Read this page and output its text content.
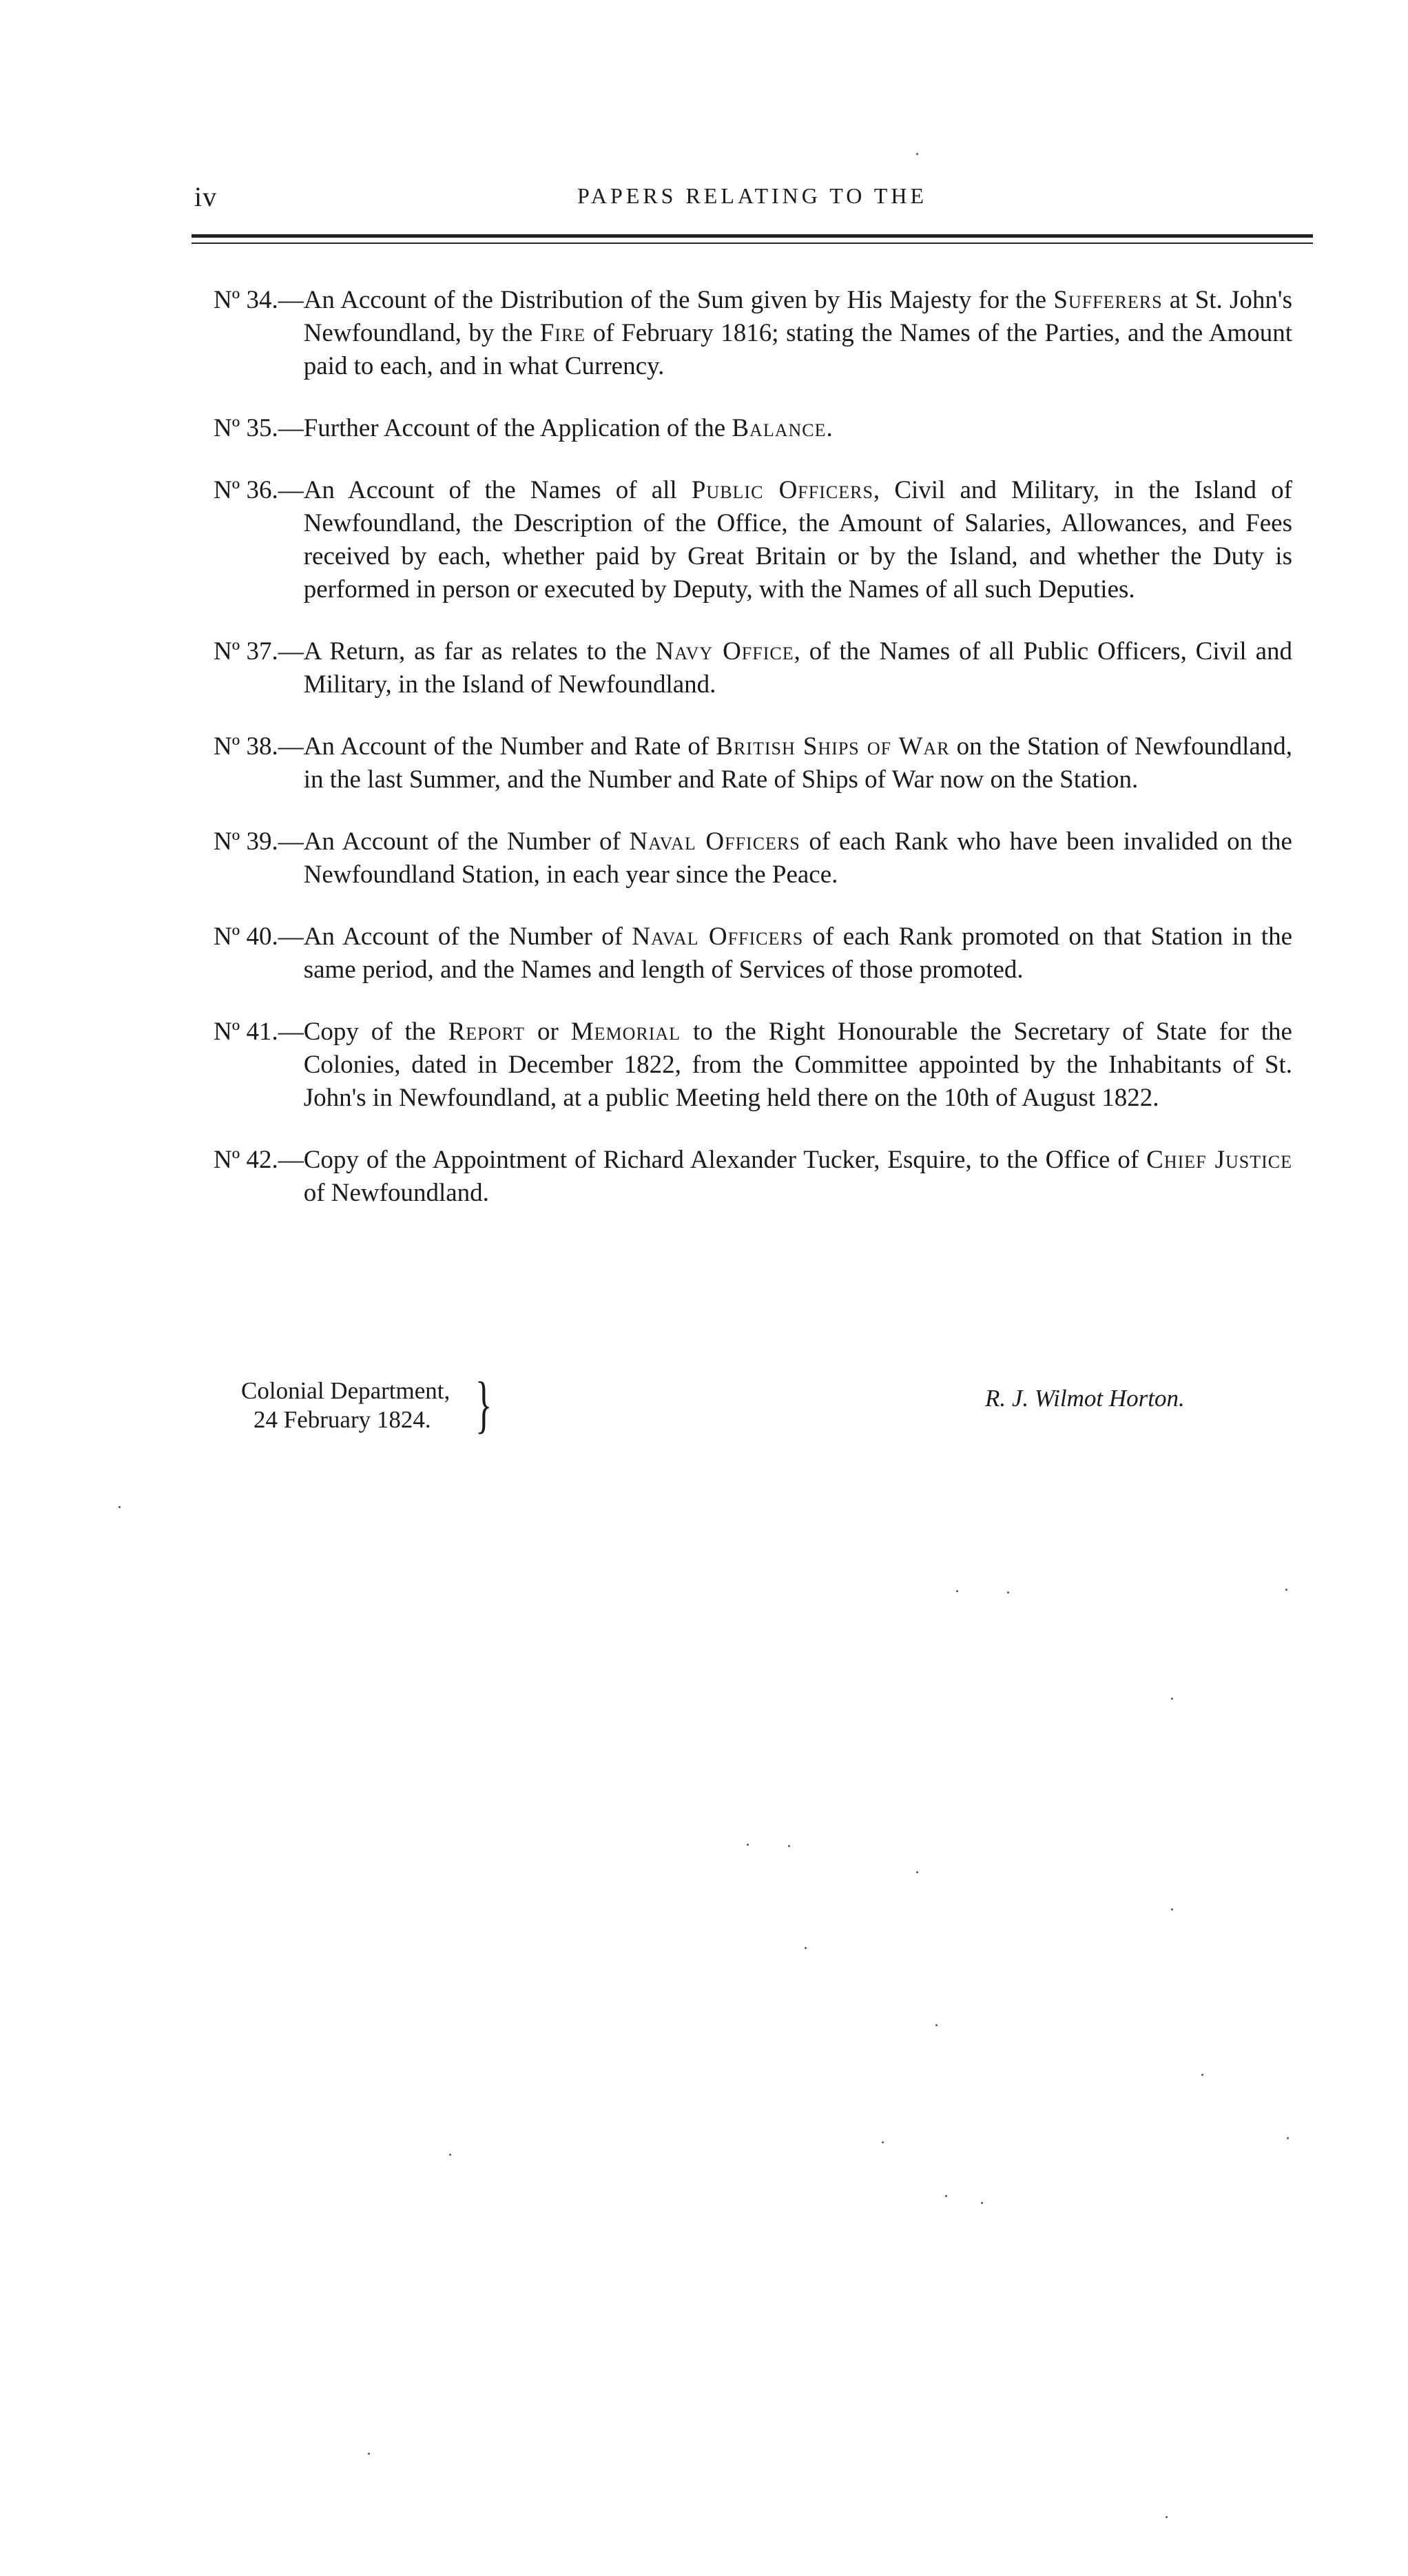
iv	PAPERS RELATING TO THE
Nº 34.— An Account of the Distribution of the Sum given by His Majesty for the Sufferers at St. John's Newfoundland, by the Fire of February 1816; stating the Names of the Parties, and the Amount paid to each, and in what Currency.
Nº 35.— Further Account of the Application of the Balance.
Nº 36.— An Account of the Names of all Public Officers, Civil and Military, in the Island of Newfoundland, the Description of the Office, the Amount of Salaries, Allowances, and Fees received by each, whether paid by Great Britain or by the Island, and whether the Duty is performed in person or executed by Deputy, with the Names of all such Deputies.
Nº 37.— A Return, as far as relates to the Navy Office, of the Names of all Public Officers, Civil and Military, in the Island of Newfoundland.
Nº 38.— An Account of the Number and Rate of British Ships of War on the Station of Newfoundland, in the last Summer, and the Number and Rate of Ships of War now on the Station.
Nº 39.— An Account of the Number of Naval Officers of each Rank who have been invalided on the Newfoundland Station, in each year since the Peace.
Nº 40.— An Account of the Number of Naval Officers of each Rank promoted on that Station in the same period, and the Names and length of Services of those promoted.
Nº 41.— Copy of the Report or Memorial to the Right Honourable the Secretary of State for the Colonies, dated in December 1822, from the Committee appointed by the Inhabitants of St. John's in Newfoundland, at a public Meeting held there on the 10th of August 1822.
Nº 42.— Copy of the Appointment of Richard Alexander Tucker, Esquire, to the Office of Chief Justice of Newfoundland.
Colonial Department,
24 February 1824. }	R. J. Wilmot Horton.
